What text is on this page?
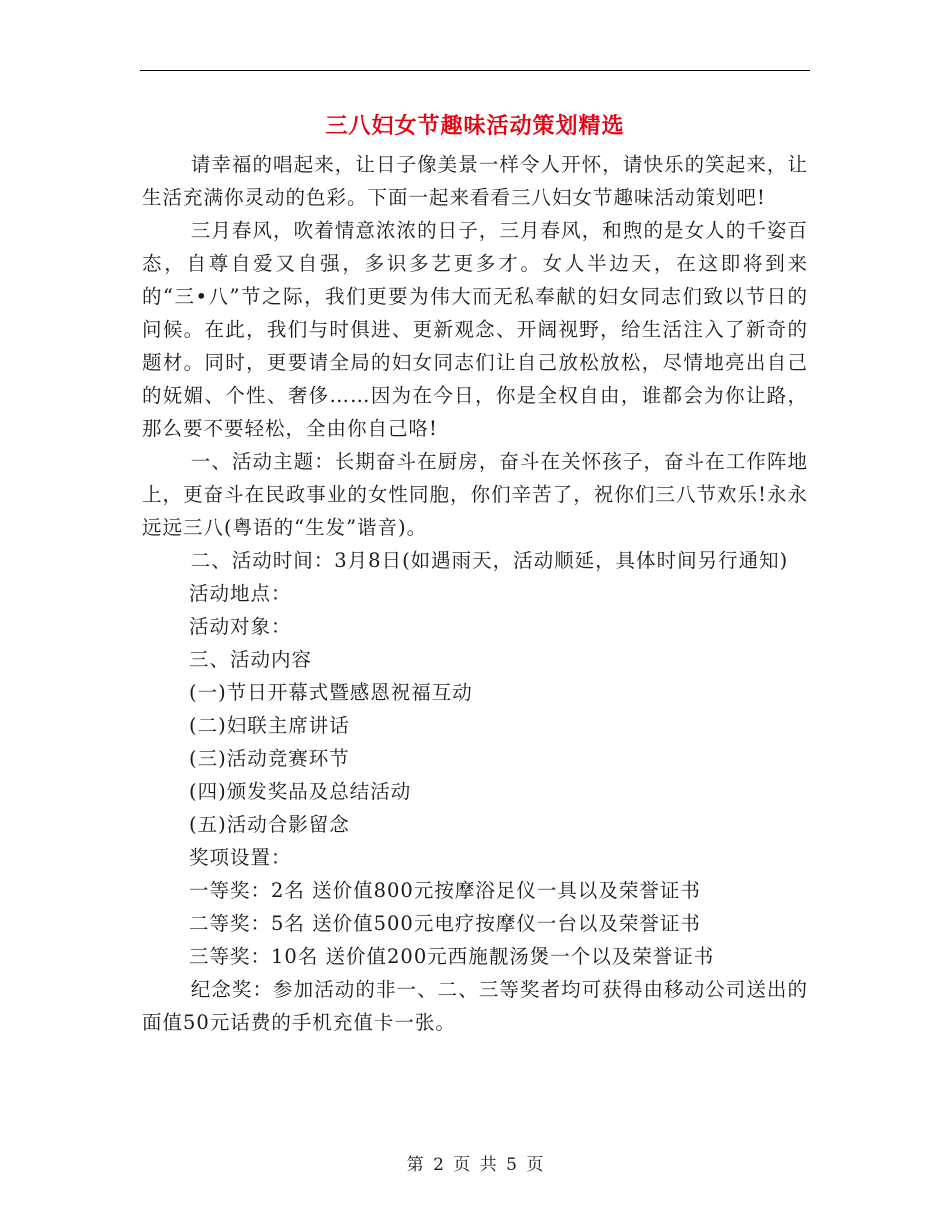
三八妇女节趣味活动策划精选

请幸福的唱起来，让日子像美景一样令人开怀，请快乐的笑起来，让生活充满你灵动的色彩。下面一起来看看三八妇女节趣味活动策划吧!

三月春风，吹着情意浓浓的日子，三月春风，和煦的是女人的千姿百态，自尊自爱又自强，多识多艺更多才。女人半边天，在这即将到来的“三•八”节之际，我们更要为伟大而无私奉献的妇女同志们致以节日的问候。在此，我们与时俱进、更新观念、开阔视野，给生活注入了新奇的题材。同时，更要请全局的妇女同志们让自己放松放松，尽情地亮出自己的妩媚、个性、奢侈……因为在今日，你是全权自由，谁都会为你让路，那么要不要轻松，全由你自己咯!

一、活动主题：长期奋斗在厨房，奋斗在关怀孩子，奋斗在工作阵地上，更奋斗在民政事业的女性同胞，你们辛苦了，祝你们三八节欢乐!永永远远三八(粤语的“生发”谐音)。

二、活动时间：3月8日(如遇雨天，活动顺延，具体时间另行通知)

活动地点：

活动对象：

三、活动内容

(一)节日开幕式暨感恩祝福互动

(二)妇联主席讲话

(三)活动竞赛环节

(四)颁发奖品及总结活动

(五)活动合影留念

奖项设置：

一等奖：2名 送价值800元按摩浴足仪一具以及荣誉证书

二等奖：5名 送价值500元电疗按摩仪一台以及荣誉证书

三等奖：10名 送价值200元西施靓汤煲一个以及荣誉证书

纪念奖：参加活动的非一、二、三等奖者均可获得由移动公司送出的面值50元话费的手机充值卡一张。

第 2 页 共 5 页
